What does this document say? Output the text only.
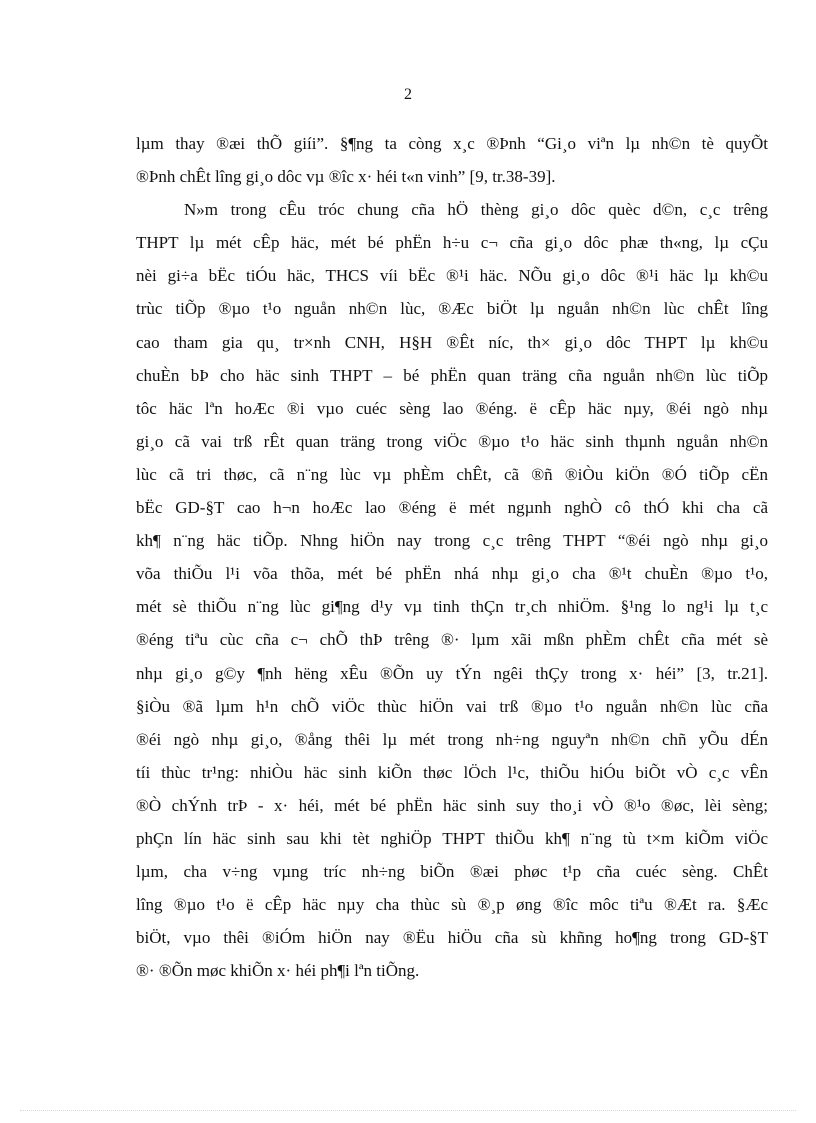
2
lµm thay ®æi thÕ giíi”. §¶ng ta còng x¸c ®Þnh “Gi¸o viªn lµ nh©n tè quyÕt
®Þnh chÊt lîng gi¸o dôc vµ ®îc x· héi t«n vinh” [9, tr.38-39].
N»m trong cÊu tróc chung cña hÖ thèng gi¸o dôc quèc d©n, c¸c trêng
THPT lµ mét cÊp häc, mét bé phËn h÷u c¬ cña gi¸o dôc phæ th«ng, lµ cÇu
nèi gi÷a bËc tiÓu häc, THCS víi bËc ®¹i häc. NÕu gi¸o dôc ®¹i häc lµ kh©u
trùc tiÕp ®µo t¹o nguån nh©n lùc, ®Æc biÖt lµ nguån nh©n lùc chÊt lîng
cao tham gia qu¸ tr×nh CNH, H§H ®Êt níc, th× gi¸o dôc THPT lµ kh©u
chuÈn bÞ cho häc sinh THPT – bé phËn quan träng cña nguån nh©n lùc tiÕp
tôc häc lªn hoÆc ®i vµo cuéc sèng lao ®éng. ë cÊp häc nµy, ®éi ngò nhµ
gi¸o cã vai trß rÊt quan träng trong viÖc ®µo t¹o häc sinh thµnh nguån nh©n
lùc cã tri thøc, cã n¨ng lùc vµ phÈm chÊt, cã ®ñ ®iÒu kiÖn ®Ó tiÕp cËn
bËc GD-§T cao h¬n hoÆc lao ®éng ë mét ngµnh nghÒ cô thÓ khi cha cã
kh¶ n¨ng häc tiÕp. Nhng hiÖn nay trong c¸c trêng THPT “®éi ngò nhµ gi¸o
võa thiÕu l¹i võa thõa, mét bé phËn nhá nhµ gi¸o cha ®¹t chuÈn ®µo t¹o,
mét sè thiÕu n¨ng lùc gi¶ng d¹y vµ tinh thÇn tr¸ch nhiÖm. §¹ng lo ng¹i lµ t¸c
®éng tiªu cùc cña c¬ chÕ thÞ trêng ®· lµm xãi mßn phÈm chÊt cña mét sè
nhµ gi¸o g©y ¶nh hëng xÊu ®Õn uy tÝn ngêi thÇy trong x· héi” [3, tr.21].
§iÒu ®ã lµm h¹n chÕ viÖc thùc hiÖn vai trß ®µo t¹o nguån nh©n lùc cña
®éi ngò nhµ gi¸o, ®ång thêi lµ mét trong nh÷ng nguyªn nh©n chñ yÕu dÉn
tíi thùc tr¹ng: nhiÒu häc sinh kiÕn thøc lÖch l¹c, thiÕu hiÓu biÕt vÒ c¸c vÊn
®Ò chÝnh trÞ - x· héi, mét bé phËn häc sinh suy tho¸i vÒ ®¹o ®øc, lèi sèng;
phÇn lín häc sinh sau khi tèt nghiÖp THPT thiÕu kh¶ n¨ng tù t×m kiÕm viÖc
lµm, cha v÷ng vµng tríc nh÷ng biÕn ®æi phøc t¹p cña cuéc sèng. ChÊt
lîng ®µo t¹o ë cÊp häc nµy cha thùc sù ®¸p øng ®îc môc tiªu ®Æt ra. §Æc
biÖt, vµo thêi ®iÓm hiÖn nay ®Ëu hiÖu cña sù khñng ho¶ng trong GD-§T
®· ®Õn møc khiÕn x· héi ph¶i lªn tiÕng.
